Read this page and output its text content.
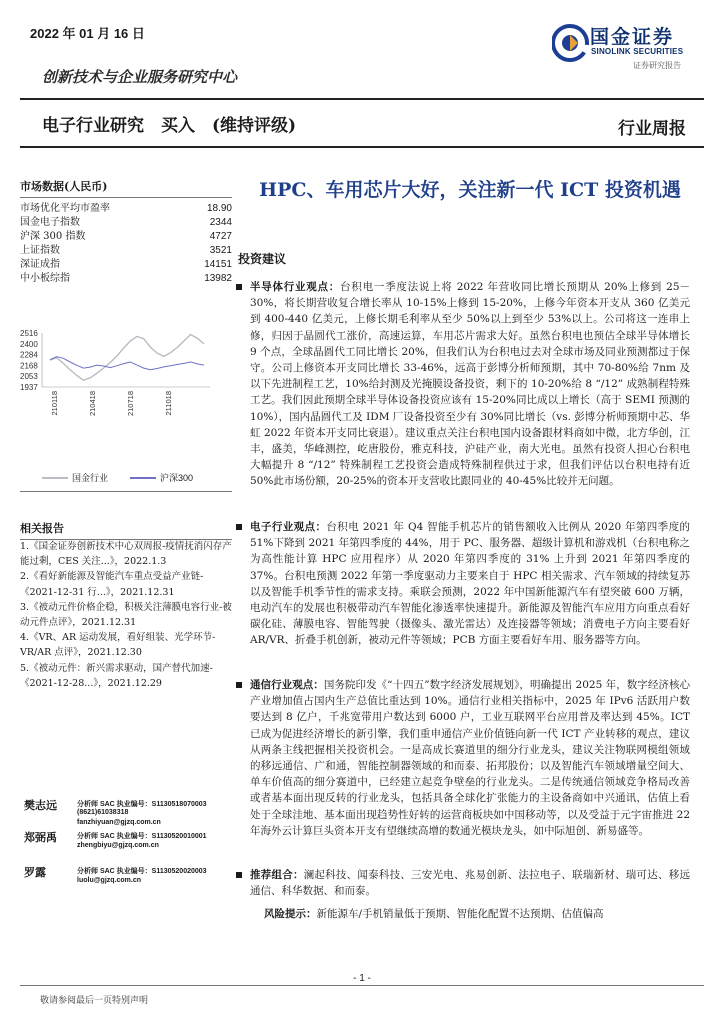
2022 年 01 月 16 日
创新技术与企业服务研究中心
国金证券
SINOLINK SECURITIES
证券研究报告
电子行业研究　买入　(维持评级)	行业周报
市场数据(人民币)
市场优化平均市盈率	18.90
国金电子指数	2344
沪深 300 指数	4727
上证指数	3521
深证成指	14151
中小板综指	13982
2516
2400
2284
2168
2053
1937
210118	210418	210718	211018
国金行业	沪深300
相关报告
1.《国金证券创新技术中心双周报-疫情抚消闪存产能过剩，CES 关注...》，2022.1.3
2.《看好新能源及智能汽车重点受益产业链-《2021-12-31 行...》，2021.12.31
3.《被动元件价格企稳，积极关注薄膜电容行业-被动元件点评》，2021.12.31
4.《VR、AR 运动发展，看好组装、光学环节-VR/AR 点评》，2021.12.30
5.《被动元件：新兴需求驱动，国产替代加速-《2021-12-28...》，2021.12.29
樊志远	分析师 SAC 执业编号：S1130518070003
(8621)61038318
fanzhiyuan@gjzq.com.cn
郑弼禹	分析师 SAC 执业编号：S1130520010001
zhengbiyu@gjzq.com.cn
罗露	分析师 SAC 执业编号：S1130520020003
luolu@gjzq.com.cn
HPC、车用芯片大好，关注新一代 ICT 投资机遇
投资建议
半导体行业观点：台积电一季度法说上将 2022 年营收同比增长预期从 20%上修到 25－30%，将长期营收复合增长率从 10-15%上修到 15-20%，上修今年资本开支从 360 亿美元到 400-440 亿美元，上修长期毛利率从至少 50%以上到至少 53%以上。公司将这一连串上修，归因于晶圆代工涨价，高速运算，车用芯片需求大好。虽然台积电也预估全球半导体增长 9 个点，全球晶圆代工同比增长 20%，但我们认为台积电过去对全球市场及同业预测都过于保守。公司上修资本开支同比增长 33-46%，远高于彭博分析师预期，其中 70-80%给 7nm 及以下先进制程工艺，10%给封测及光掩膜设备投资，剩下的 10-20%给 8 “/12” 成熟制程特殊工艺。我们因此预期全球半导体设备投资应该有 15-20%同比成以上增长（高于 SEMI 预测的 10%），国内晶圆代工及 IDM 厂设备投资至少有 30%同比增长（vs. 彭博分析师预期中芯、华虹 2022 年资本开支同比衰退）。建议重点关注台积电国内设备跟材料商如中微，北方华创，江丰，盛美，华峰测控，屹唐股份，雅克科技，沪硅产业，南大光电。虽然有投资人担心台积电大幅提升 8 “/12” 特殊制程工艺投资会造成特殊制程供过于求，但我们评估以台积电持有近 50%此市场份额，20-25%的资本开支营收比跟同业的 40-45%比较并无问题。
电子行业观点：台积电 2021 年 Q4 智能手机芯片的销售额收入比例从 2020 年第四季度的 51%下降到 2021 年第四季度的 44%，用于 PC、服务器、超级计算机和游戏机（台积电称之为高性能计算 HPC 应用程序）从 2020 年第四季度的 31% 上升到 2021 年第四季度的 37%。台积电预测 2022 年第一季度驱动力主要来自于 HPC 相关需求、汽车领域的持续复苏以及智能手机季节性的需求支持。乘联会预测，2022 年中国新能源汽车有望突破 600 万辆，电动汽车的发展也积极带动汽车智能化渗透率快速提升。新能源及智能汽车应用方向重点看好碳化硅、薄膜电容、智能驾驶（摄像头、激光雷达）及连接器等领域；消费电子方向主要看好 AR/VR、折叠手机创新，被动元件等领域；PCB 方面主要看好车用、服务器等方向。
通信行业观点：国务院印发《“十四五”数字经济发展规划》，明确提出 2025 年，数字经济核心产业增加值占国内生产总值比重达到 10%。通信行业相关指标中，2025 年 IPv6 活跃用户数要达到 8 亿户，千兆宽带用户数达到 6000 户，工业互联网平台应用普及率达到 45%。ICT 已成为促进经济增长的新引擎，我们重申通信产业价值链向新一代 ICT 产业转移的观点，建议从两条主线把握相关投资机会。一是高成长赛道里的细分行业龙头，建议关注物联网模组领域的移远通信、广和通，智能控制器领域的和而泰、拓邦股份；以及智能汽车领域增量空间大、单车价值高的细分赛道中，已经建立起竞争壁垒的行业龙头。二是传统通信领域竞争格局改善或者基本面出现反转的行业龙头，包括具备全球化扩张能力的主设备商如中兴通讯，估值上看处于全球洼地、基本面出现趋势性好转的运营商板块如中国移动等，以及受益于元宇宙推进 22 年海外云计算巨头资本开支有望继续高增的数通光模块龙头，如中际旭创、新易盛等。
推荐组合：澜起科技、闻泰科技、三安光电、兆易创新、法拉电子、联瑞新材、瑞可达、移远通信、科华数据、和而泰。
风险提示：新能源车/手机销量低于预期、智能化配置不达预期、估值偏高
- 1 -
敬请参阅最后一页特别声明
